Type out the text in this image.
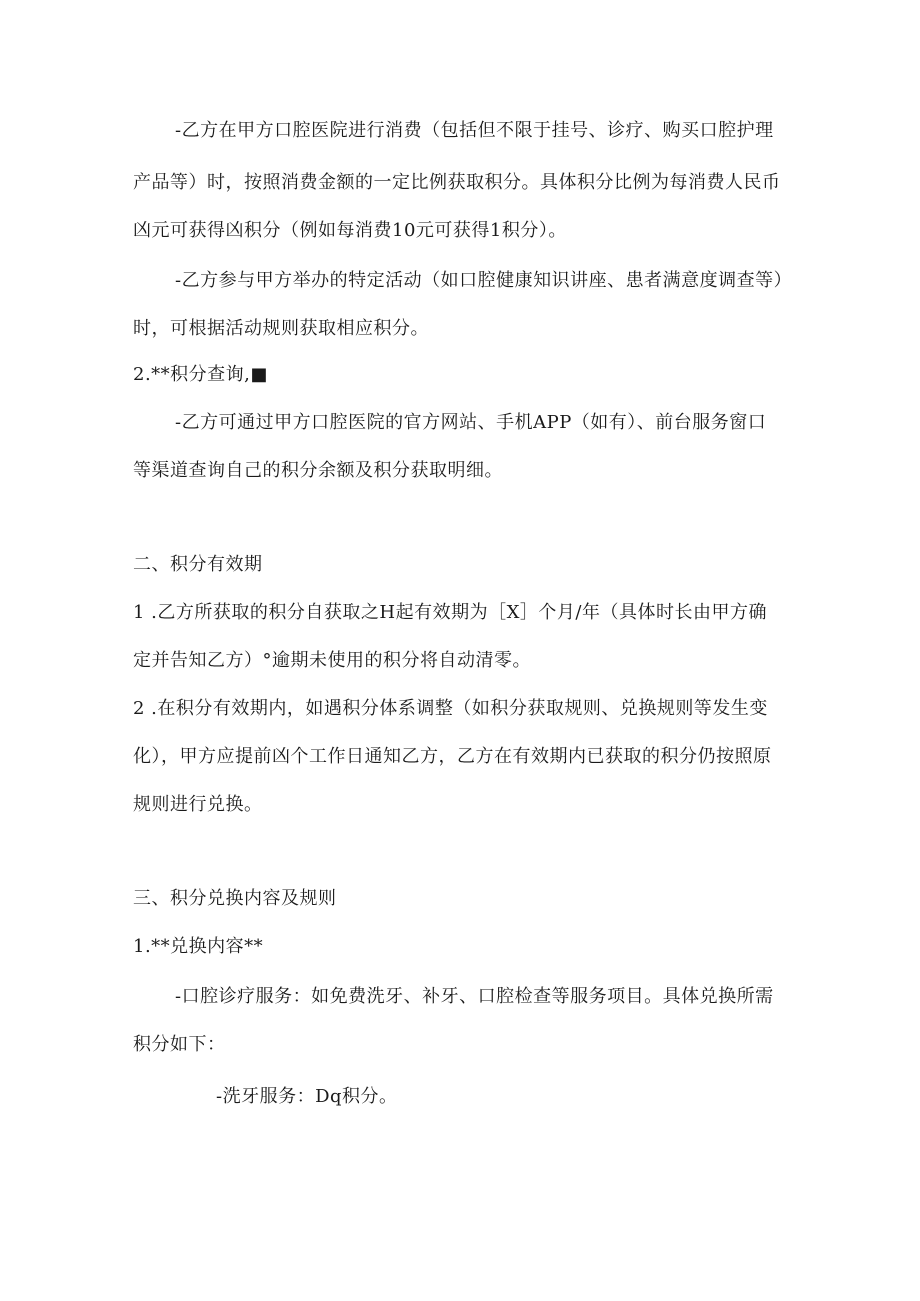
-乙方在甲方口腔医院进行消费（包括但不限于挂号、诊疗、购买口腔护理
产品等）时，按照消费金额的一定比例获取积分。具体积分比例为每消费人民币
凶元可获得凶积分（例如每消费10元可获得1积分）。
-乙方参与甲方举办的特定活动（如口腔健康知识讲座、患者满意度调查等）
时，可根据活动规则获取相应积分。
2.**积分查询,■
-乙方可通过甲方口腔医院的官方网站、手机APP（如有）、前台服务窗口
等渠道查询自己的积分余额及积分获取明细。
二、积分有效期
1 .乙方所获取的积分自获取之H起有效期为［X］个月/年（具体时长由甲方确
定并告知乙方）°逾期未使用的积分将自动清零。
2 .在积分有效期内，如遇积分体系调整（如积分获取规则、兑换规则等发生变
化），甲方应提前凶个工作日通知乙方，乙方在有效期内已获取的积分仍按照原
规则进行兑换。
三、积分兑换内容及规则
1.**兑换内容**
-口腔诊疗服务：如免费洗牙、补牙、口腔检查等服务项目。具体兑换所需
积分如下：
-洗牙服务：Dq积分。
